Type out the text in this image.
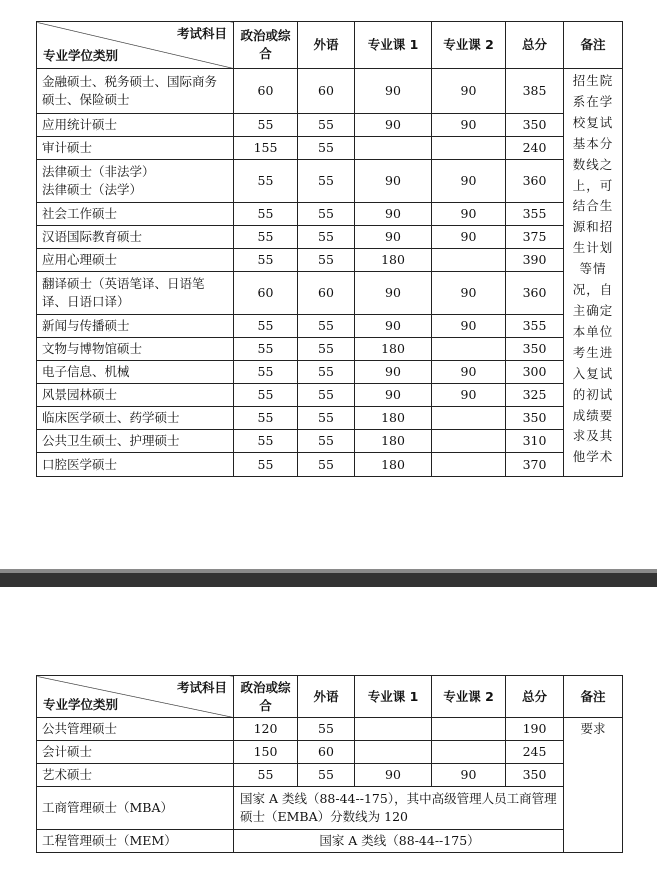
考试科目
专业学位类别	政治或综合	外语	专业课 1	专业课 2	总分	备注
金融硕士、税务硕士、国际商务硕士、保险硕士	60	60	90	90	385	招生院系在学校复试基本分数线之上，可结合生源和招生计划等情况，自主确定本单位考生进入复试的初试成绩要求及其他学术
应用统计硕士	55	55	90	90	350	
审计硕士	155	55			240	
法律硕士（非法学）
法律硕士（法学）	55	55	90	90	360	
社会工作硕士	55	55	90	90	355	
汉语国际教育硕士	55	55	90	90	375	
应用心理硕士	55	55	180		390	
翻译硕士（英语笔译、日语笔译、日语口译）	60	60	90	90	360	
新闻与传播硕士	55	55	90	90	355	
文物与博物馆硕士	55	55	180		350	
电子信息、机械	55	55	90	90	300	
风景园林硕士	55	55	90	90	325	
临床医学硕士、药学硕士	55	55	180		350	
公共卫生硕士、护理硕士	55	55	180		310	
口腔医学硕士	55	55	180		370	
考试科目
专业学位类别	政治或综合	外语	专业课 1	专业课 2	总分	备注
公共管理硕士	120	55			190	要求
会计硕士	150	60			245	
艺术硕士	55	55	90	90	350	
工商管理硕士（MBA）	国家 A 类线（88-44--175），其中高级管理人员工商管理硕士（EMBA）分数线为 120					
工程管理硕士（MEM）	国家 A 类线（88-44--175）					
